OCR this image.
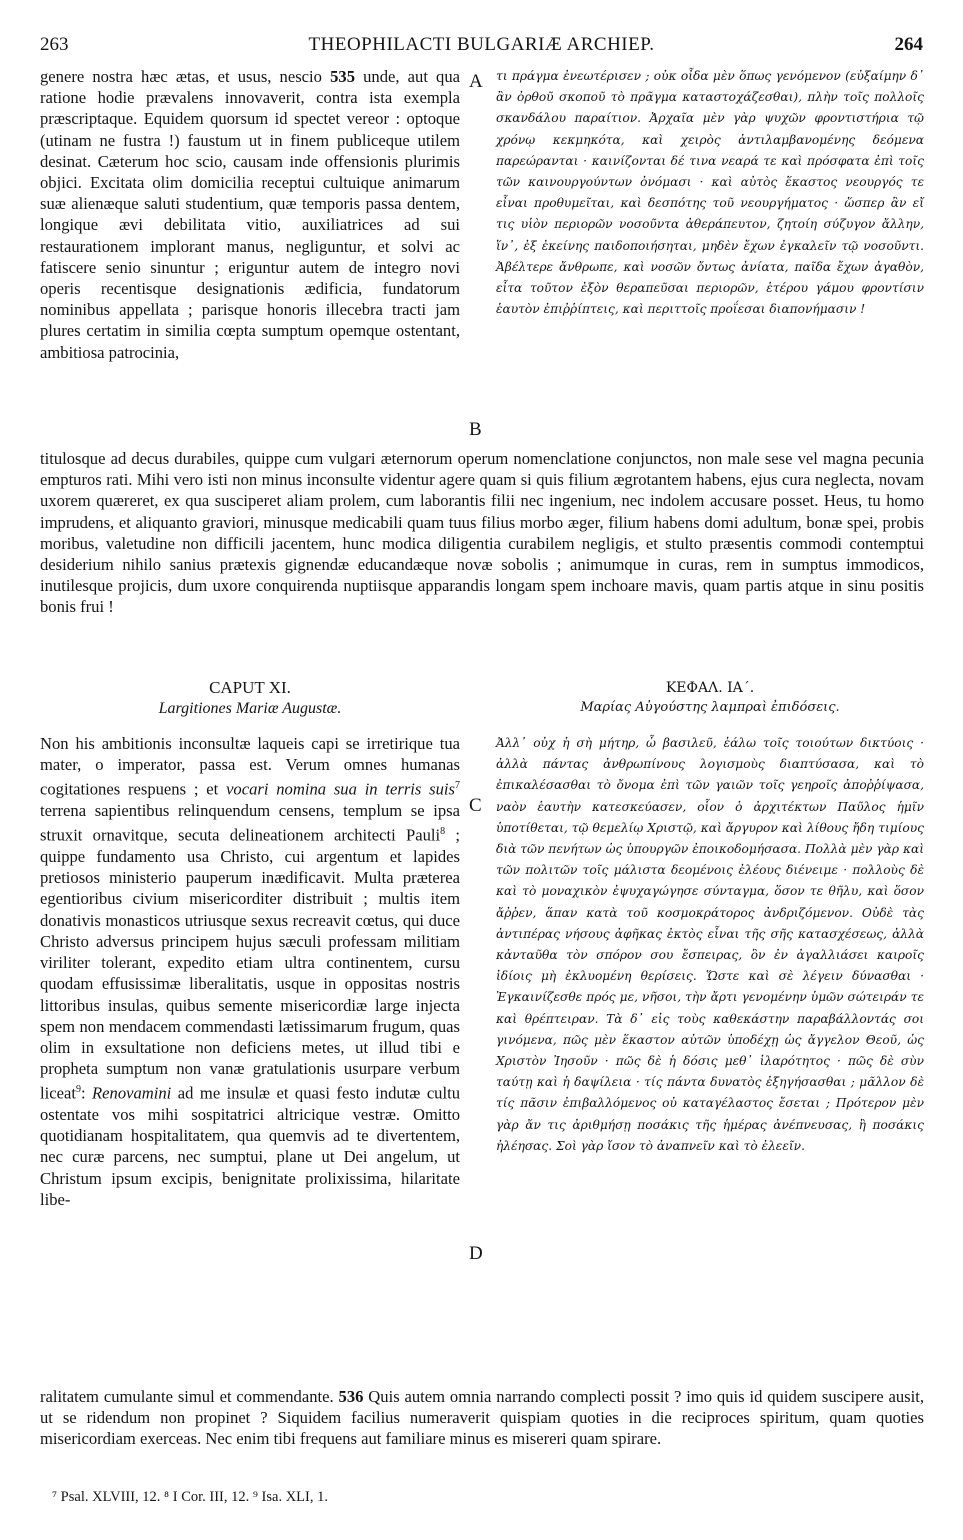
263	THEOPHILACTI BULGARIÆ ARCHIEP.	264
genere nostra hæc ætas, et usus, nescio 535 unde, aut qua ratione hodie prævalens innovaverit, contra ista exempla præscriptaque. Equidem quorsum id spectet vereor : optoque (utinam ne fustra !) faustum ut in finem publiceque utilem desinat. Cæterum hoc scio, causam inde offensionis plurimis objici. Excitata olim domicilia receptui cultuique animarum suæ alienæque saluti studentium, quæ temporis passa dentem, longique ævi debilitata vitio, auxiliatrices ad sui restaurationem implorant manus, negliguntur, et solvi ac fatiscere senio sinuntur ; eriguntur autem de integro novi operis recentisque designationis ædificia, fundatorum nominibus appellata ; parisque honoris illecebra tracti jam plures certatim in similia cœpta sumptum opemque ostentant, ambitiosa patrocinia,
A
B
τι πράγμα ἐνεωτέρισεν ; οὐκ οἶδα μὲν ὅπως γενόμενον (εὐξαίμην δ᾽ ἂν ὀρθοῦ σκοποῦ τὸ πρᾶγμα καταστοχάζεσθαι), πλὴν τοῖς πολλοῖς σκανδάλου παραίτιον. Ἀρχαῖα μὲν γὰρ ψυχῶν φροντιστήρια τῷ χρόνῳ κεκμηκότα, καὶ χειρὸς ἀντιλαμβανομένης δεόμενα παρεώρανται · καινίζονται δέ τινα νεαρά τε καὶ πρόσφατα ἐπὶ τοῖς τῶν καινουργούντων ὀνόμασι · καὶ αὐτὸς ἕκαστος νεουργός τε εἶναι προθυμεῖται, καὶ δεσπότης τοῦ νεουργήματος · ὥσπερ ἂν εἴ τις υἱὸν περιορῶν νοσοῦντα ἀθεράπευτον, ζητοίη σύζυγον ἄλλην, ἵν᾽, ἐξ ἐκείνης παιδοποιήσηται, μηδὲν ἔχων ἐγκαλεῖν τῷ νοσοῦντι. Ἀβέλτερε ἄνθρωπε, καὶ νοσῶν ὄντως ἀνίατα, παῖδα ἔχων ἀγαθὸν, εἶτα τοῦτον ἐξὸν θεραπεῦσαι περιορῶν, ἑτέρου γάμου φροντίσιν ἑαυτὸν ἐπιῤῥίπτεις, καὶ περιττοῖς προΐεσαι διαπονήμασιν !
titulosque ad decus durabiles, quippe cum vulgari æternorum operum nomenclatione conjunctos, non male sese vel magna pecunia empturos rati. Mihi vero isti non minus inconsulte videntur agere quam si quis filium ægrotantem habens, ejus cura neglecta, novam uxorem quæreret, ex qua susciperet aliam prolem, cum laborantis filii nec ingenium, nec indolem accusare posset. Heus, tu homo imprudens, et aliquanto graviori, minusque medicabili quam tuus filius morbo æger, filium habens domi adultum, bonæ spei, probis moribus, valetudine non difficili jacentem, hunc modica diligentia curabilem negligis, et stulto præsentis commodi contemptui desiderium nihilo sanius prætexis gignendæ educandæque novæ sobolis ; animumque in curas, rem in sumptus immodicos, inutilesque projicis, dum uxore conquirenda nuptiisque apparandis longam spem inchoare mavis, quam partis atque in sinu positis bonis frui !
CAPUT XI.
Largitiones Mariæ Augustæ.
ΚΕΦΑΛ. ΙΑ΄.
Μαρίας Αὐγούστης λαμπραὶ ἐπιδόσεις.
Non his ambitionis inconsultæ laqueis capi se irretirique tua mater, o imperator, passa est. Verum omnes humanas cogitationes respuens ; et vocari nomina sua in terris suis$^7$ terrena sapientibus relinquendum censens, templum se ipsa struxit ornavitque, secuta delineationem architecti Pauli$^8$ ; quippe fundamento usa Christo, cui argentum et lapides pretiosos ministerio pauperum inædificavit. Multa præterea egentioribus civium misericorditer distribuit ; multis item donativis monasticos utriusque sexus recreavit cœtus, qui duce Christo adversus principem hujus sæculi professam militiam viriliter tolerant, expedito etiam ultra continentem, cursu quodam effusissimæ liberalitatis, usque in oppositas nostris littoribus insulas, quibus semente misericordiæ large injecta spem non mendacem commendasti lætissimarum frugum, quas olim in exsultatione non deficiens metes, ut illud tibi e propheta sumptum non vanæ gratulationis usurpare verbum liceat$^9$: Renovamini ad me insulæ et quasi festo indutæ cultu ostentate vos mihi sospitatrici altricique vestræ. Omitto quotidianam hospitalitatem, qua quemvis ad te divertentem, nec curæ parcens, nec sumptui, plane ut Dei angelum, ut Christum ipsum excipis, benignitate prolixissima, hilaritate libe-
C
D
Ἀλλ᾽ οὐχ ἡ σὴ μήτηρ, ὦ βασιλεῦ, ἑάλω τοῖς τοιούτων δικτύοις · ἀλλὰ πάντας ἀνθρωπίνους λογισμοὺς διαπτύσασα, καὶ τὸ ἐπικαλέσασθαι τὸ ὄνομα ἐπὶ τῶν γαιῶν τοῖς γεηροῖς ἀποῤῥίψασα, ναὸν ἑαυτὴν κατεσκεύασεν, οἷον ὁ ἀρχιτέκτων Παῦλος ἡμῖν ὑποτίθεται, τῷ θεμελίῳ Χριστῷ, καὶ ἄργυρον καὶ λίθους ἤδη τιμίους διὰ τῶν πενήτων ὡς ὑπουργῶν ἐποικοδομήσασα. Πολλὰ μὲν γὰρ καὶ τῶν πολιτῶν τοῖς μάλιστα δεομένοις ἐλέους διένειμε · πολλοὺς δὲ καὶ τὸ μοναχικὸν ἐψυχαγώγησε σύνταγμα, ὅσον τε θῆλυ, καὶ ὅσον ἄῤῥεν, ἅπαν κατὰ τοῦ κοσμοκράτορος ἀνδριζόμενον. Οὐδὲ τὰς ἀντιπέρας νήσους ἀφῆκας ἐκτὸς εἶναι τῆς σῆς κατασχέσεως, ἀλλὰ κἀνταῦθα τὸν σπόρον σου ἔσπειρας, ὃν ἐν ἀγαλλιάσει καιροῖς ἰδίοις μὴ ἐκλυομένη θερίσεις. Ὥστε καὶ σὲ λέγειν δύνασθαι · Ἐγκαινίζεσθε πρός με, νῆσοι, τὴν ἄρτι γενομένην ὑμῶν σώτειράν τε καὶ θρέπτειραν. Τὰ δ᾽ εἰς τοὺς καθεκάστην παραβάλλοντάς σοι γινόμενα, πῶς μὲν ἕκαστον αὐτῶν ὑποδέχῃ ὡς ἄγγελον Θεοῦ, ὡς Χριστὸν Ἰησοῦν · πῶς δὲ ἡ δόσις μεθ᾽ ἱλαρότητος · πῶς δὲ σὺν ταύτῃ καὶ ἡ δαψίλεια · τίς πάντα δυνατὸς ἐξηγήσασθαι ; μᾶλλον δὲ τίς πᾶσιν ἐπιβαλλόμενος οὐ καταγέλαστος ἔσεται ; Πρότερον μὲν γὰρ ἄν τις ἀριθμήσῃ ποσάκις τῆς ἡμέρας ἀνέπνευσας, ἢ ποσάκις ἠλέησας. Σοὶ γὰρ ἴσον τὸ ἀναπνεῖν καὶ τὸ ἐλεεῖν.
ralitatem cumulante simul et commendante. 536 Quis autem omnia narrando complecti possit ? imo quis id quidem suscipere ausit, ut se ridendum non propinet ? Siquidem facilius numeraverit quispiam quoties in die reciproces spiritum, quam quoties misericordiam exerceas. Nec enim tibi frequens aut familiare minus es misereri quam spirare.
⁷ Psal. XLVIII, 12. ⁸ I Cor. III, 12. ⁹ Isa. XLI, 1.
